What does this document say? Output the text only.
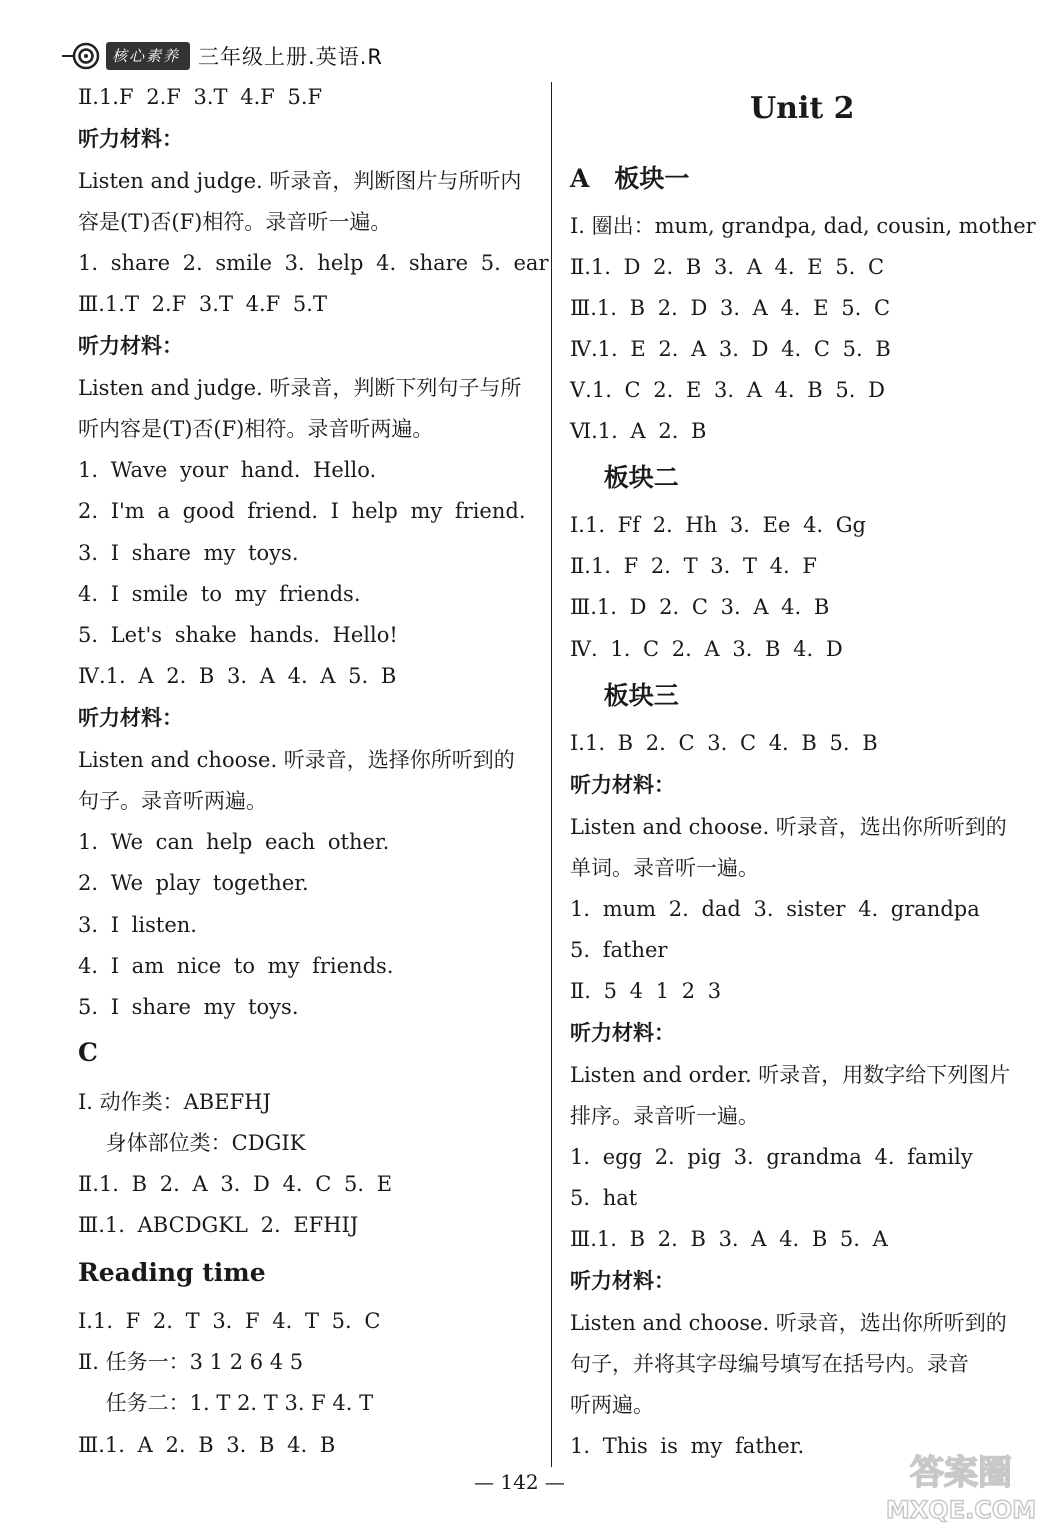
核心素养 三年级上册.英语.R
Ⅱ.1.F 2.F 3.T 4.F 5.F
听力材料：
Listen and judge. 听录音，判断图片与所听内
容是(T)否(F)相符。录音听一遍。
1. share 2. smile 3. help 4. share 5. ear
Ⅲ.1.T 2.F 3.T 4.F 5.T
听力材料：
Listen and judge. 听录音，判断下列句子与所
听内容是(T)否(F)相符。录音听两遍。
1. Wave your hand. Hello.
2. I'm a good friend. I help my friend.
3. I share my toys.
4. I smile to my friends.
5. Let's shake hands. Hello!
Ⅳ.1. A 2. B 3. A 4. A 5. B
听力材料：
Listen and choose. 听录音，选择你所听到的
句子。录音听两遍。
1. We can help each other.
2. We play together.
3. I listen.
4. I am nice to my friends.
5. I share my toys.
C
Ⅰ. 动作类：ABEFHJ
　 身体部位类：CDGIK
Ⅱ.1. B 2. A 3. D 4. C 5. E
Ⅲ.1. ABCDGKL 2. EFHIJ
Reading time
Ⅰ.1. F 2. T 3. F 4. T 5. C
Ⅱ. 任务一：3 1 2 6 4 5
　 任务二：1. T 2. T 3. F 4. T
Ⅲ.1. A 2. B 3. B 4. B
Unit 2
A　板块一
Ⅰ. 圈出：mum, grandpa, dad, cousin, mother
Ⅱ.1. D 2. B 3. A 4. E 5. C
Ⅲ.1. B 2. D 3. A 4. E 5. C
Ⅳ.1. E 2. A 3. D 4. C 5. B
Ⅴ.1. C 2. E 3. A 4. B 5. D
Ⅵ.1. A 2. B
　 板块二
Ⅰ.1. Ff 2. Hh 3. Ee 4. Gg
Ⅱ.1. F 2. T 3. T 4. F
Ⅲ.1. D 2. C 3. A 4. B
Ⅳ. 1. C 2. A 3. B 4. D
　 板块三
Ⅰ.1. B 2. C 3. C 4. B 5. B
听力材料：
Listen and choose. 听录音，选出你所听到的
单词。录音听一遍。
1. mum 2. dad 3. sister 4. grandpa
5. father
Ⅱ. 5 4 1 2 3
听力材料：
Listen and order. 听录音，用数字给下列图片
排序。录音听一遍。
1. egg 2. pig 3. grandma 4. family
5. hat
Ⅲ.1. B 2. B 3. A 4. B 5. A
听力材料：
Listen and choose. 听录音，选出你所听到的
句子，并将其字母编号填写在括号内。录音
听两遍。
1. This is my father.
— 142 —	答案圈
MXQE.COM
